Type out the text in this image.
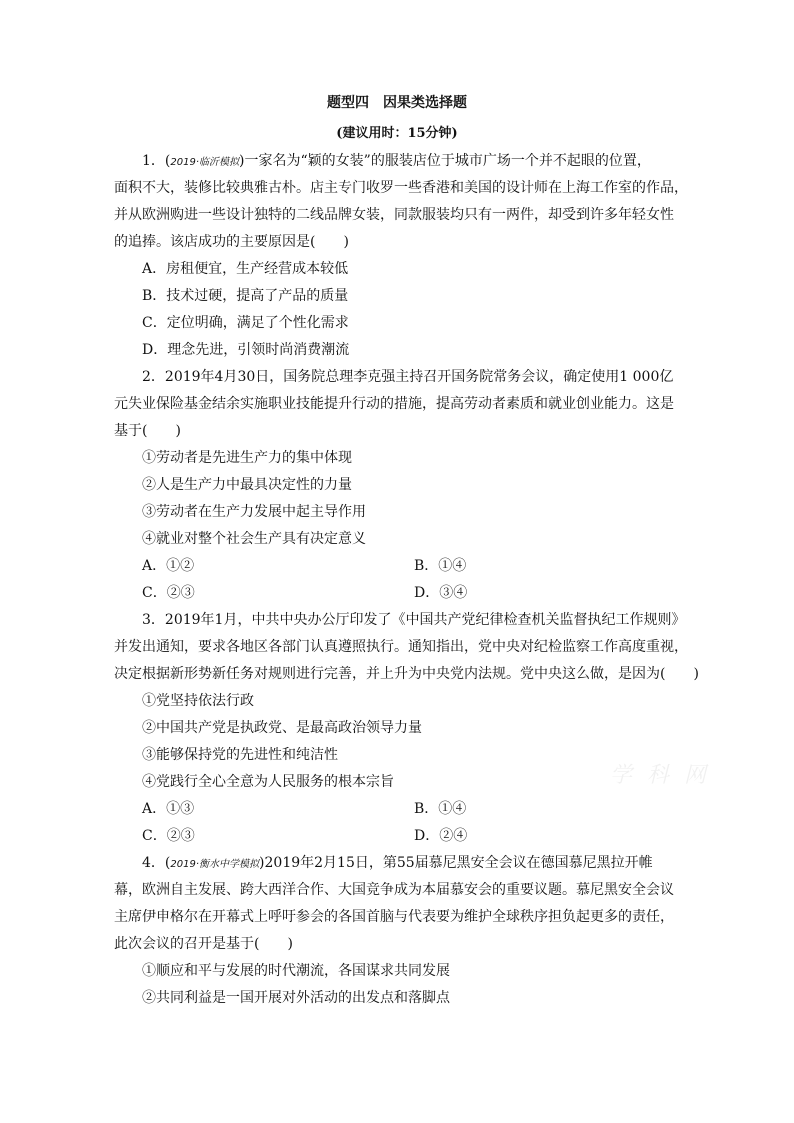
题型四　因果类选择题
(建议用时：15分钟)
1．(2019·临沂模拟)一家名为“颖的女装”的服装店位于城市广场一个并不起眼的位置，
面积不大，装修比较典雅古朴。店主专门收罗一些香港和美国的设计师在上海工作室的作品，
并从欧洲购进一些设计独特的二线品牌女装，同款服装均只有一两件，却受到许多年轻女性
的追捧。该店成功的主要原因是(　　)
A．房租便宜，生产经营成本较低
B．技术过硬，提高了产品的质量
C．定位明确，满足了个性化需求
D．理念先进，引领时尚消费潮流
2．2019年4月30日，国务院总理李克强主持召开国务院常务会议，确定使用1 000亿
元失业保险基金结余实施职业技能提升行动的措施，提高劳动者素质和就业创业能力。这是
基于(　　)
①劳动者是先进生产力的集中体现
②人是生产力中最具决定性的力量
③劳动者在生产力发展中起主导作用
④就业对整个社会生产具有决定意义
A．①②	B．①④
C．②③	D．③④
3．2019年1月，中共中央办公厅印发了《中国共产党纪律检查机关监督执纪工作规则》
并发出通知，要求各地区各部门认真遵照执行。通知指出，党中央对纪检监察工作高度重视，
决定根据新形势新任务对规则进行完善，并上升为中央党内法规。党中央这么做，是因为(　　)
①党坚持依法行政
②中国共产党是执政党、是最高政治领导力量
③能够保持党的先进性和纯洁性
④党践行全心全意为人民服务的根本宗旨
A．①③	B．①④
C．②③	D．②④
4．(2019·衡水中学模拟)2019年2月15日，第55届慕尼黑安全会议在德国慕尼黑拉开帷
幕，欧洲自主发展、跨大西洋合作、大国竞争成为本届慕安会的重要议题。慕尼黑安全会议
主席伊申格尔在开幕式上呼吁参会的各国首脑与代表要为维护全球秩序担负起更多的责任，
此次会议的召开是基于(　　)
①顺应和平与发展的时代潮流，各国谋求共同发展
②共同利益是一国开展对外活动的出发点和落脚点
学 科 网
